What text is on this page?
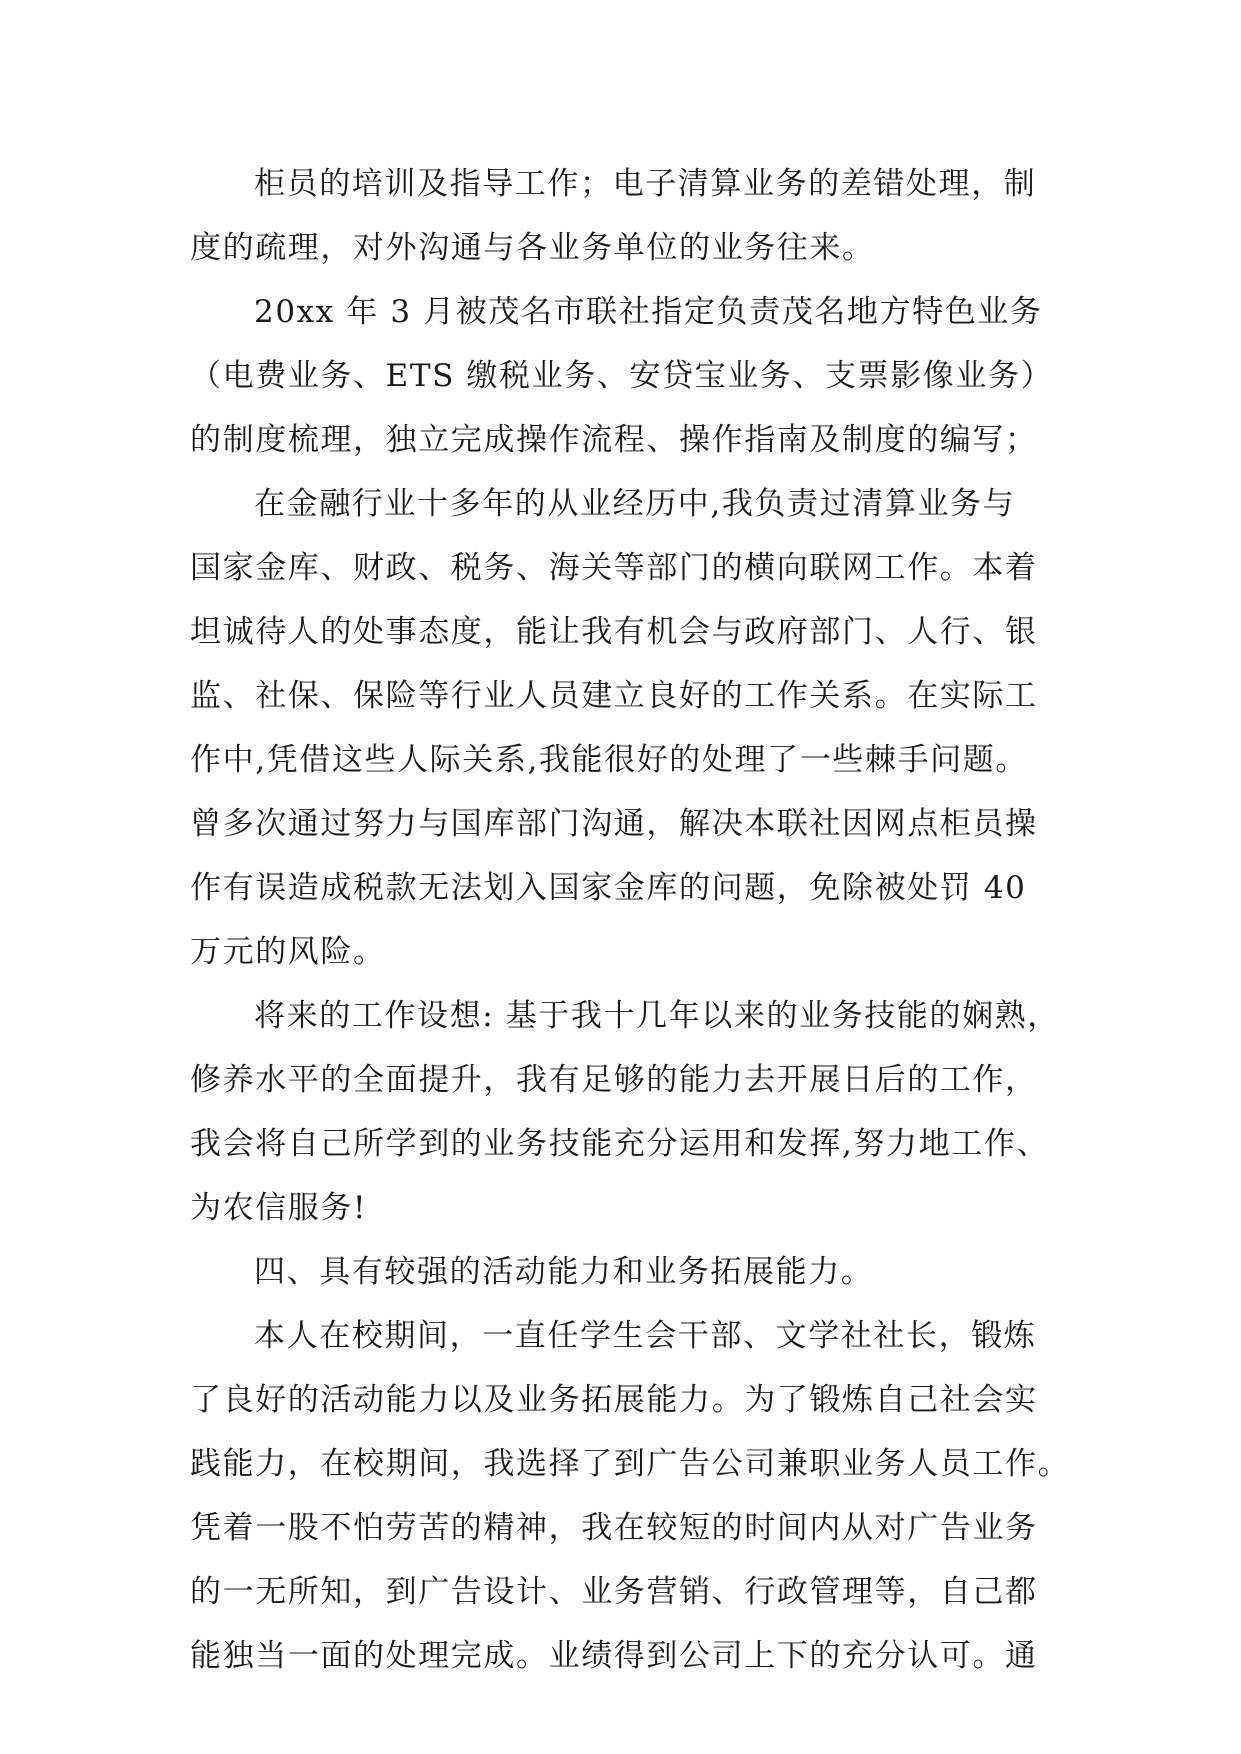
柜员的培训及指导工作；电子清算业务的差错处理，制
度的疏理，对外沟通与各业务单位的业务往来。
20xx 年 3 月被茂名市联社指定负责茂名地方特色业务
（电费业务、ETS 缴税业务、安贷宝业务、支票影像业务）
的制度梳理，独立完成操作流程、操作指南及制度的编写；
在金融行业十多年的从业经历中,我负责过清算业务与
国家金库、财政、税务、海关等部门的横向联网工作。本着
坦诚待人的处事态度，能让我有机会与政府部门、人行、银
监、社保、保险等行业人员建立良好的工作关系。在实际工
作中,凭借这些人际关系,我能很好的处理了一些棘手问题。
曾多次通过努力与国库部门沟通，解决本联社因网点柜员操
作有误造成税款无法划入国家金库的问题，免除被处罚 40
万元的风险。
将来的工作设想: 基于我十几年以来的业务技能的娴熟，
修养水平的全面提升，我有足够的能力去开展日后的工作，
我会将自己所学到的业务技能充分运用和发挥,努力地工作、
为农信服务!
四、具有较强的活动能力和业务拓展能力。
本人在校期间，一直任学生会干部、文学社社长，锻炼
了良好的活动能力以及业务拓展能力。为了锻炼自己社会实
践能力，在校期间，我选择了到广告公司兼职业务人员工作。
凭着一股不怕劳苦的精神，我在较短的时间内从对广告业务
的一无所知，到广告设计、业务营销、行政管理等，自己都
能独当一面的处理完成。业绩得到公司上下的充分认可。通
